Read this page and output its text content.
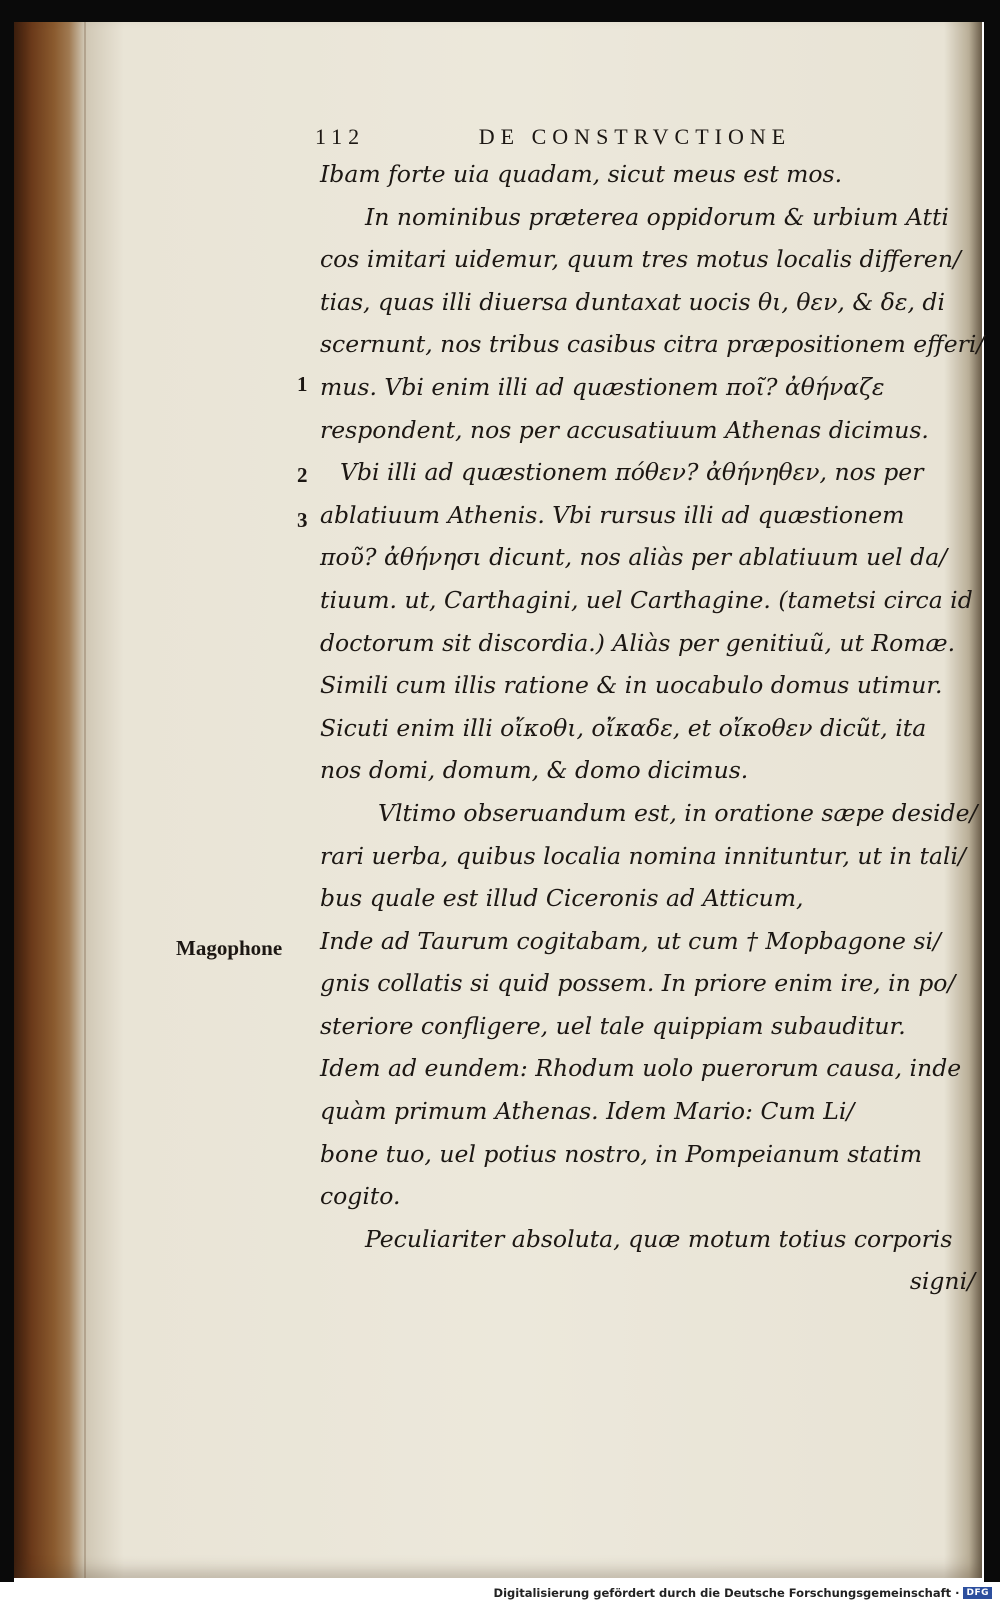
112	DE CONSTRVCTIONE
Ibam forte uia quadam, sicut meus est mos.
In nominibus præterea oppidorum & urbium Atti
cos imitari uidemur, quum tres motus localis differen/
tias, quas illi diuersa duntaxat uocis θι, θεν, & δε, di
scernunt, nos tribus casibus citra præpositionem efferi/
mus. Vbi enim illi ad quæstionem ποῖ? ἀθήναζε
respondent, nos per accusatiuum Athenas dicimus.
Vbi illi ad quæstionem πόθεν? ἀθήνηθεν, nos per
ablatiuum Athenis. Vbi rursus illi ad quæstionem
ποῦ? ἀθήνησι dicunt, nos aliàs per ablatiuum uel da/
tiuum. ut, Carthagini, uel Carthagine. (tametsi circa id
doctorum sit discordia.) Aliàs per genitiuũ, ut Romæ.
Simili cum illis ratione & in uocabulo domus utimur.
Sicuti enim illi οἴκοθι, οἴκαδε, et οἴκοθεν dicũt, ita
nos domi, domum, & domo dicimus.
Vltimo obseruandum est, in oratione sæpe deside/
rari uerba, quibus localia nomina innituntur, ut in tali/
bus quale est illud Ciceronis ad Atticum,
Inde ad Taurum cogitabam, ut cum † Mopbagone si/
gnis collatis si quid possem. In priore enim ire, in po/
steriore confligere, uel tale quippiam subauditur.
Idem ad eundem: Rhodum uolo puerorum causa, inde
quàm primum Athenas. Idem Mario: Cum Li/
bone tuo, uel potius nostro, in Pompeianum statim
cogito.
Peculiariter absoluta, quæ motum totius corporis
signi/
1
2
3
Magophone
Digitalisierung gefördert durch die Deutsche Forschungsgemeinschaft · DFG
